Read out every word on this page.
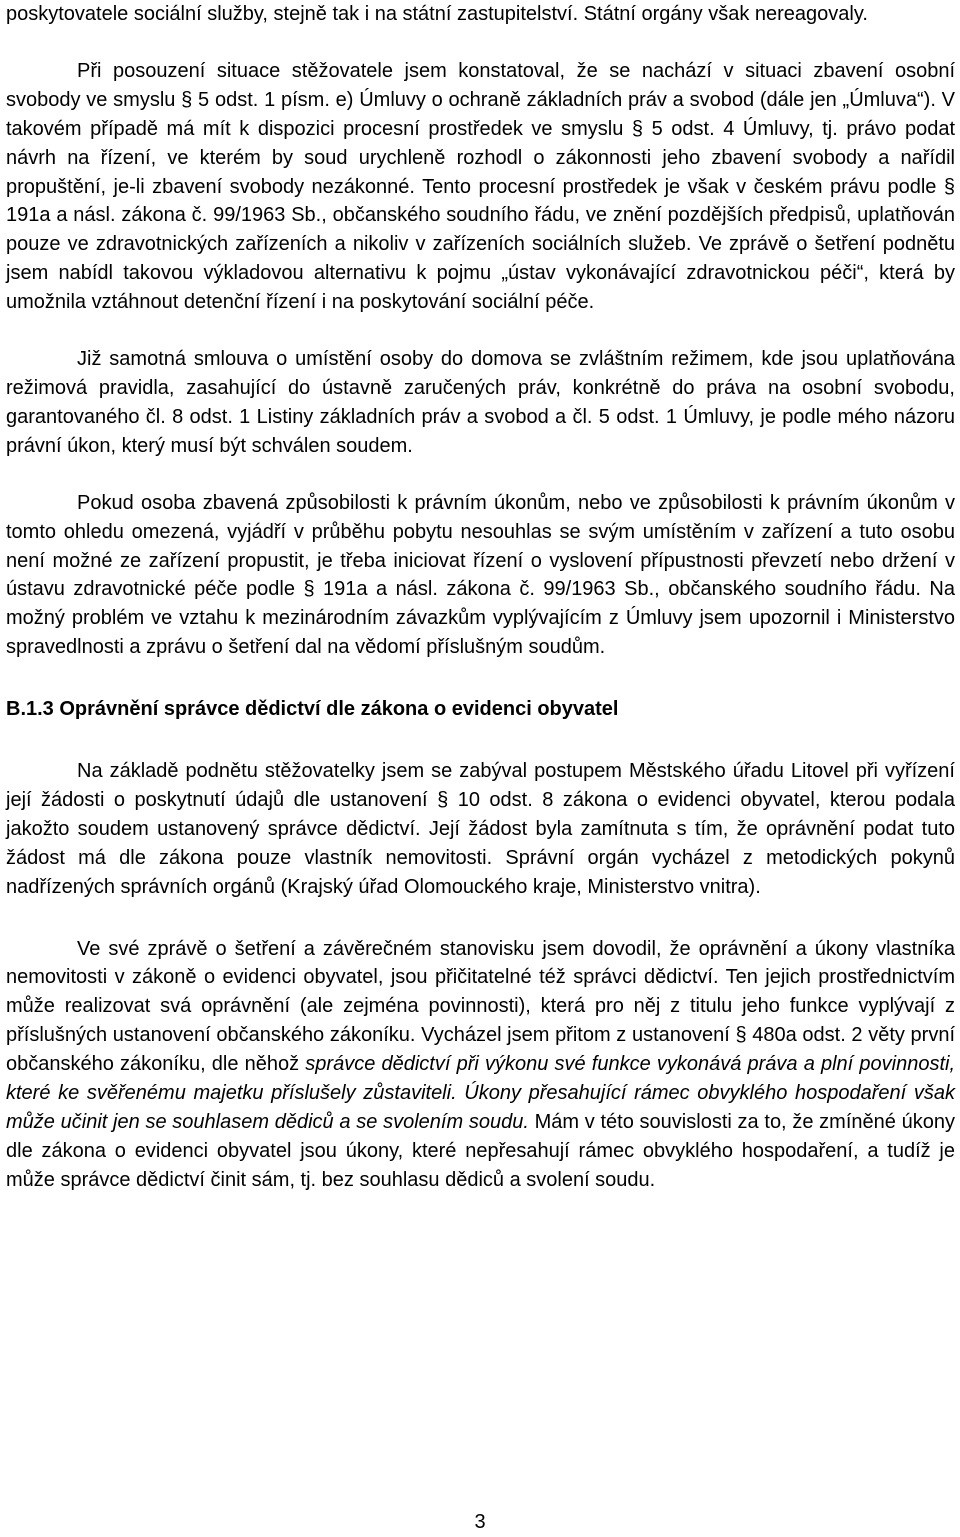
poskytovatele sociální služby, stejně tak i na státní zastupitelství. Státní orgány však nereagovaly.

Při posouzení situace stěžovatele jsem konstatoval, že se nachází v situaci zbavení osobní svobody ve smyslu § 5 odst. 1 písm. e) Úmluvy o ochraně základních práv a svobod (dále jen „Úmluva“). V takovém případě má mít k dispozici procesní prostředek ve smyslu § 5 odst. 4 Úmluvy, tj. právo podat návrh na řízení, ve kterém by soud urychleně rozhodl o zákonnosti jeho zbavení svobody a nařídil propuštění, je-li zbavení svobody nezákonné. Tento procesní prostředek je však v českém právu podle § 191a a násl. zákona č. 99/1963 Sb., občanského soudního řádu, ve znění pozdějších předpisů, uplatňován pouze ve zdravotnických zařízeních a nikoliv v zařízeních sociálních služeb. Ve zprávě o šetření podnětu jsem nabídl takovou výkladovou alternativu k pojmu „ústav vykonávající zdravotnickou péči“, která by umožnila vztáhnout detenční řízení i na poskytování sociální péče.

Již samotná smlouva o umístění osoby do domova se zvláštním režimem, kde jsou uplatňována režimová pravidla, zasahující do ústavně zaručených práv, konkrétně do práva na osobní svobodu, garantovaného čl. 8 odst. 1 Listiny základních práv a svobod a čl. 5 odst. 1 Úmluvy, je podle mého názoru právní úkon, který musí být schválen soudem.

Pokud osoba zbavená způsobilosti k právním úkonům, nebo ve způsobilosti k právním úkonům v tomto ohledu omezená, vyjádří v průběhu pobytu nesouhlas se svým umístěním v zařízení a tuto osobu není možné ze zařízení propustit, je třeba iniciovat řízení o vyslovení přípustnosti převzetí nebo držení v ústavu zdravotnické péče podle § 191a a násl. zákona č. 99/1963 Sb., občanského soudního řádu. Na možný problém ve vztahu k mezinárodním závazkům vyplývajícím z Úmluvy jsem upozornil i Ministerstvo spravedlnosti a zprávu o šetření dal na vědomí příslušným soudům.

B.1.3 Oprávnění správce dědictví dle zákona o evidenci obyvatel

Na základě podnětu stěžovatelky jsem se zabýval postupem Městského úřadu Litovel při vyřízení její žádosti o poskytnutí údajů dle ustanovení § 10 odst. 8 zákona o evidenci obyvatel, kterou podala jakožto soudem ustanovený správce dědictví. Její žádost byla zamítnuta s tím, že oprávnění podat tuto žádost má dle zákona pouze vlastník nemovitosti. Správní orgán vycházel z metodických pokynů nadřízených správních orgánů (Krajský úřad Olomouckého kraje, Ministerstvo vnitra).

Ve své zprávě o šetření a závěrečném stanovisku jsem dovodil, že oprávnění a úkony vlastníka nemovitosti v zákoně o evidenci obyvatel, jsou přičitatelné též správci dědictví. Ten jejich prostřednictvím může realizovat svá oprávnění (ale zejména povinnosti), která pro něj z titulu jeho funkce vyplývají z příslušných ustanovení občanského zákoníku. Vycházel jsem přitom z ustanovení § 480a odst. 2 věty první občanského zákoníku, dle něhož správce dědictví při výkonu své funkce vykonává práva a plní povinnosti, které ke svěřenému majetku příslušely zůstaviteli. Úkony přesahující rámec obvyklého hospodaření však může učinit jen se souhlasem dědiců a se svolením soudu. Mám v této souvislosti za to, že zmíněné úkony dle zákona o evidenci obyvatel jsou úkony, které nepřesahují rámec obvyklého hospodaření, a tudíž je může správce dědictví činit sám, tj. bez souhlasu dědiců a svolení soudu.

3
